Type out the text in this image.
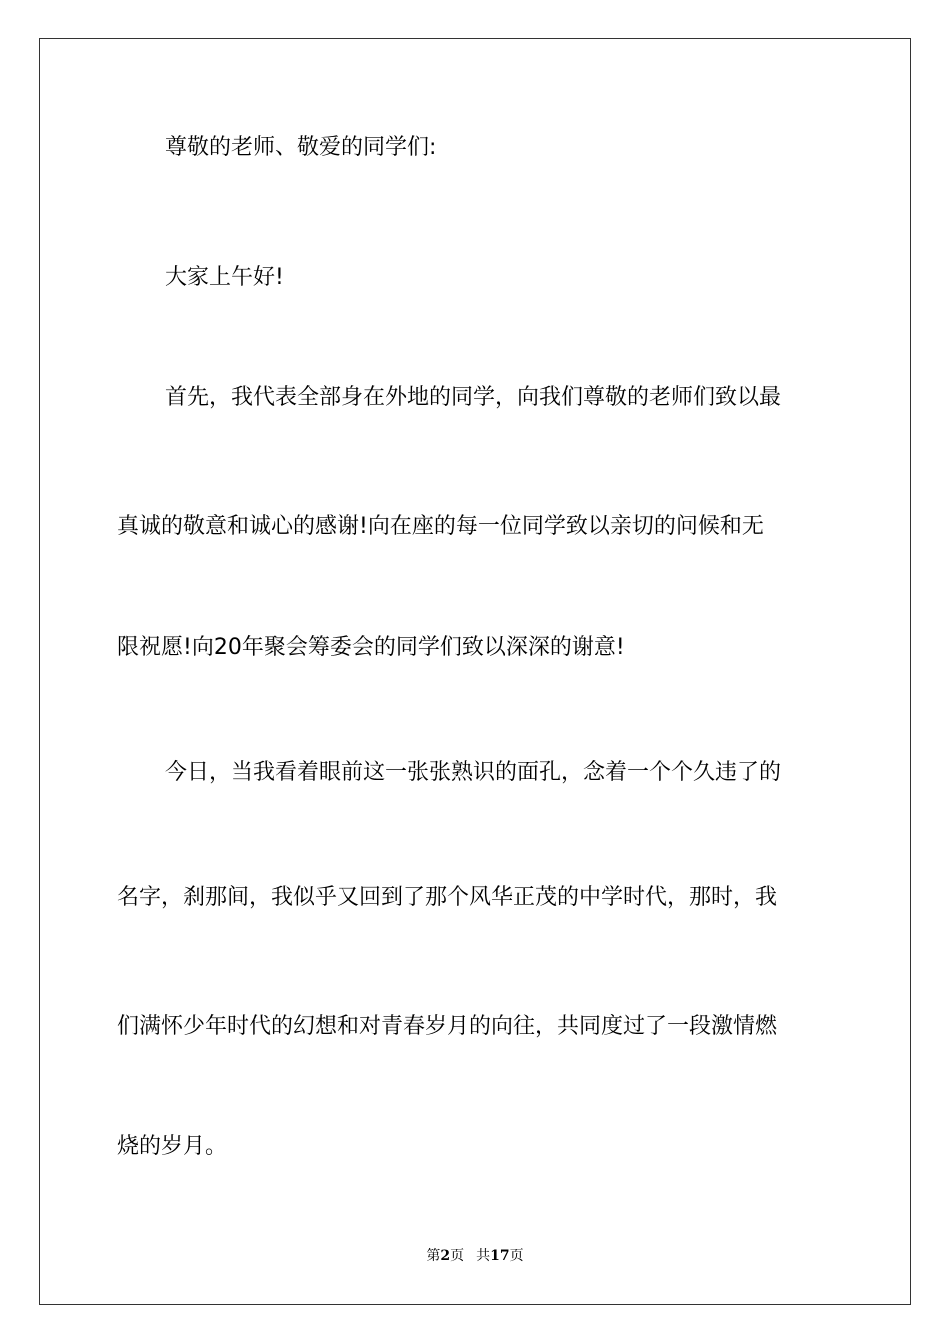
尊敬的老师、敬爱的同学们:

大家上午好!

首先，我代表全部身在外地的同学，向我们尊敬的老师们致以最

真诚的敬意和诚心的感谢!向在座的每一位同学致以亲切的问候和无

限祝愿!向20年聚会筹委会的同学们致以深深的谢意!

今日，当我看着眼前这一张张熟识的面孔，念着一个个久违了的

名字，刹那间，我似乎又回到了那个风华正茂的中学时代，那时，我

们满怀少年时代的幻想和对青春岁月的向往，共同度过了一段激情燃

烧的岁月。

第2页 共17页
